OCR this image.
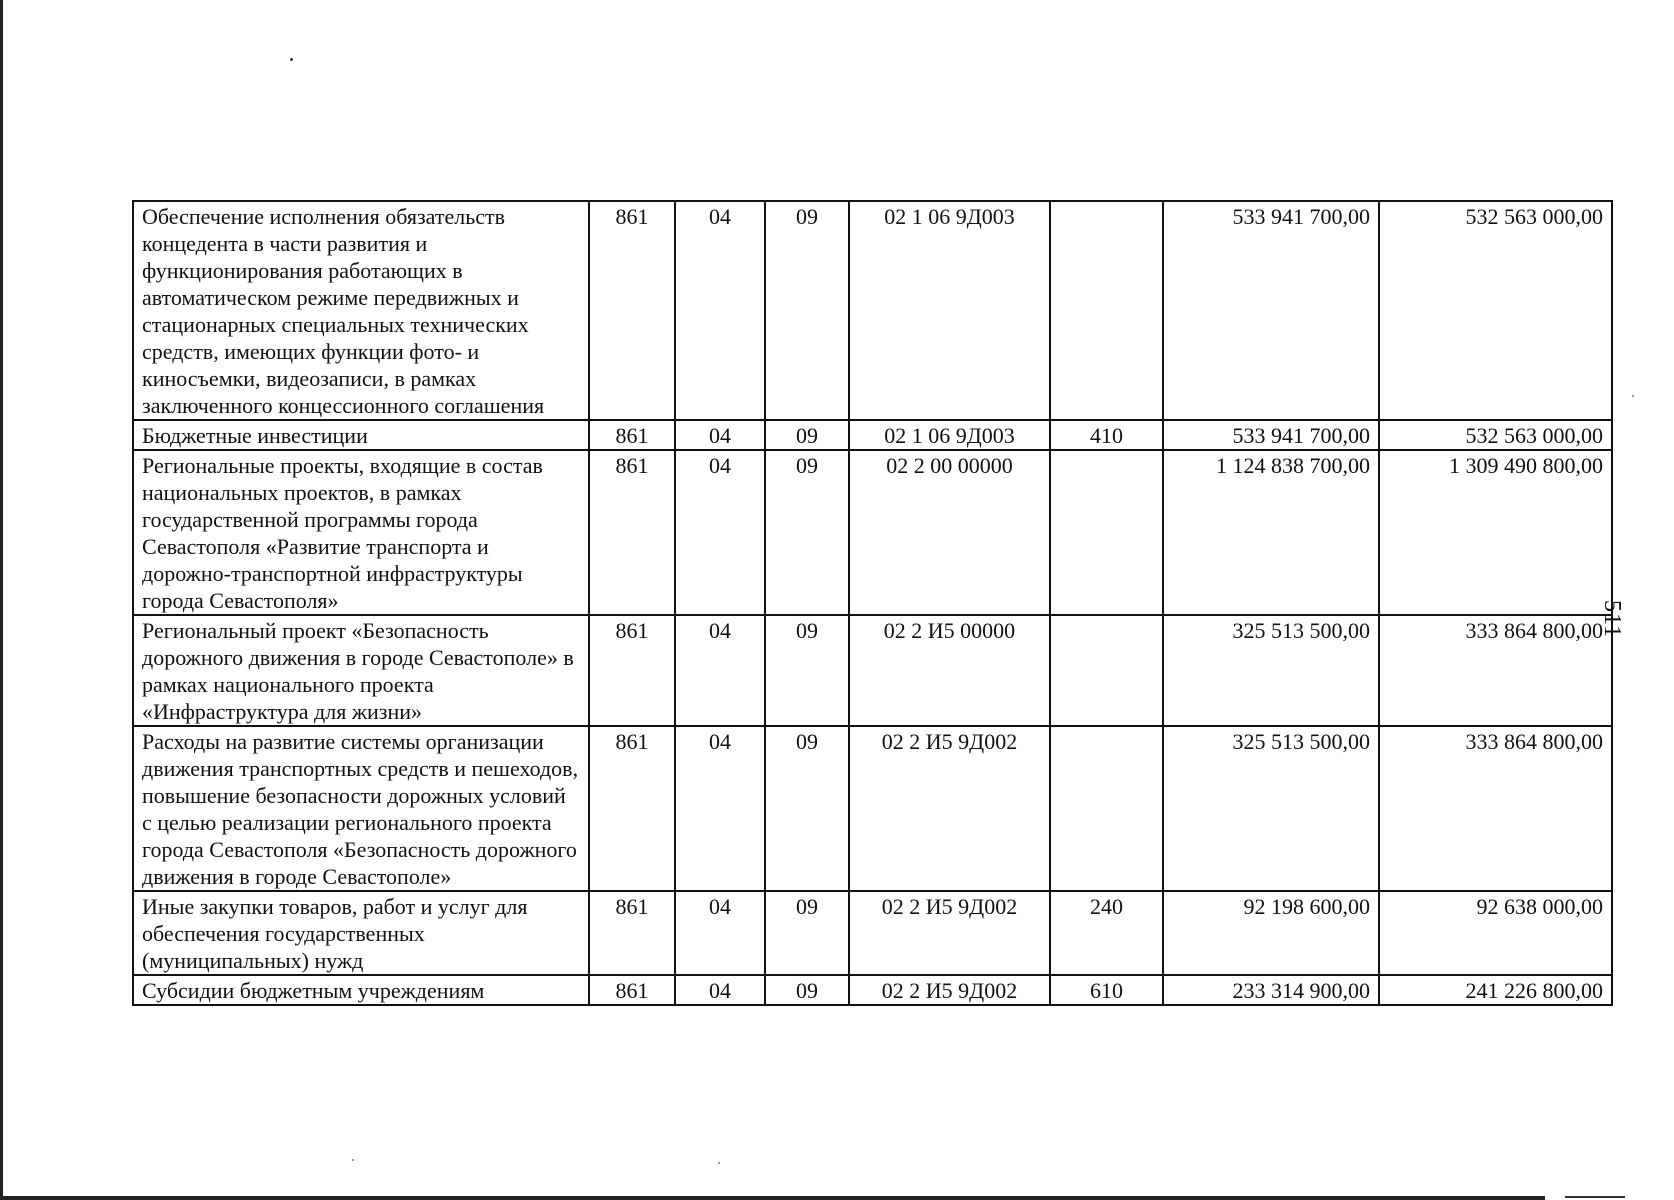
511
Обеспечение исполнения обязательств концедента в части развития и функционирования работающих в автоматическом режиме передвижных и стационарных специальных технических средств, имеющих функции фото- и киносъемки, видеозаписи, в рамках заключенного концессионного соглашения	861	04	09	02 1 06 9Д003		533 941 700,00	532 563 000,00
Бюджетные инвестиции	861	04	09	02 1 06 9Д003	410	533 941 700,00	532 563 000,00
Региональные проекты, входящие в состав национальных проектов, в рамках государственной программы города Севастополя «Развитие транспорта и дорожно-транспортной инфраструктуры города Севастополя»	861	04	09	02 2 00 00000		1 124 838 700,00	1 309 490 800,00
Региональный проект «Безопасность дорожного движения в городе Севастополе» в рамках национального проекта «Инфраструктура для жизни»	861	04	09	02 2 И5 00000		325 513 500,00	333 864 800,00
Расходы на развитие системы организации движения транспортных средств и пешеходов, повышение безопасности дорожных условий с целью реализации регионального проекта города Севастополя «Безопасность дорожного движения в городе Севастополе»	861	04	09	02 2 И5 9Д002		325 513 500,00	333 864 800,00
Иные закупки товаров, работ и услуг для обеспечения государственных (муниципальных) нужд	861	04	09	02 2 И5 9Д002	240	92 198 600,00	92 638 000,00
Субсидии бюджетным учреждениям	861	04	09	02 2 И5 9Д002	610	233 314 900,00	241 226 800,00
